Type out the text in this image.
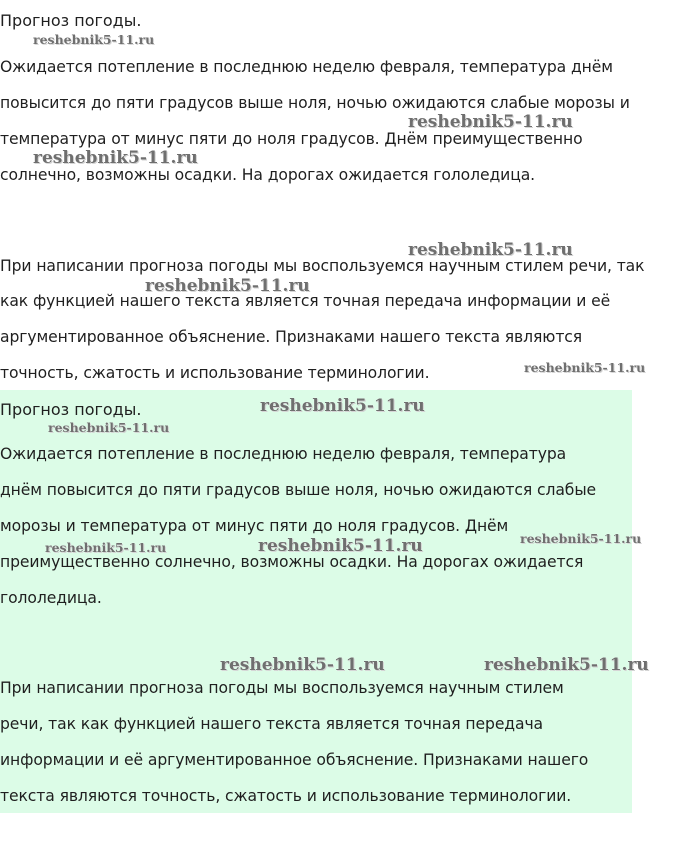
Прогноз погоды.
Ожидается потепление в последнюю неделю февраля, температура днём
повысится до пяти градусов выше ноля, ночью ожидаются слабые морозы и
температура от минус пяти до ноля градусов. Днём преимущественно
солнечно, возможны осадки. На дорогах ожидается гололедица.
При написании прогноза погоды мы воспользуемся научным стилем речи, так
как функцией нашего текста является точная передача информации и её
аргументированное объяснение. Признаками нашего текста являются
точность, сжатость и использование терминологии.
Прогноз погоды.
Ожидается потепление в последнюю неделю февраля, температура
днём повысится до пяти градусов выше ноля, ночью ожидаются слабые
морозы и температура от минус пяти до ноля градусов. Днём
преимущественно солнечно, возможны осадки. На дорогах ожидается
гололедица.
При написании прогноза погоды мы воспользуемся научным стилем
речи, так как функцией нашего текста является точная передача
информации и её аргументированное объяснение. Признаками нашего
текста являются точность, сжатость и использование терминологии.
reshebnik5-11.ru
reshebnik5-11.ru
reshebnik5-11.ru
reshebnik5-11.ru
reshebnik5-11.ru
reshebnik5-11.ru
reshebnik5-11.ru
reshebnik5-11.ru
reshebnik5-11.ru
reshebnik5-11.ru
reshebnik5-11.ru
reshebnik5-11.ru	reshebnik5-11.ru
